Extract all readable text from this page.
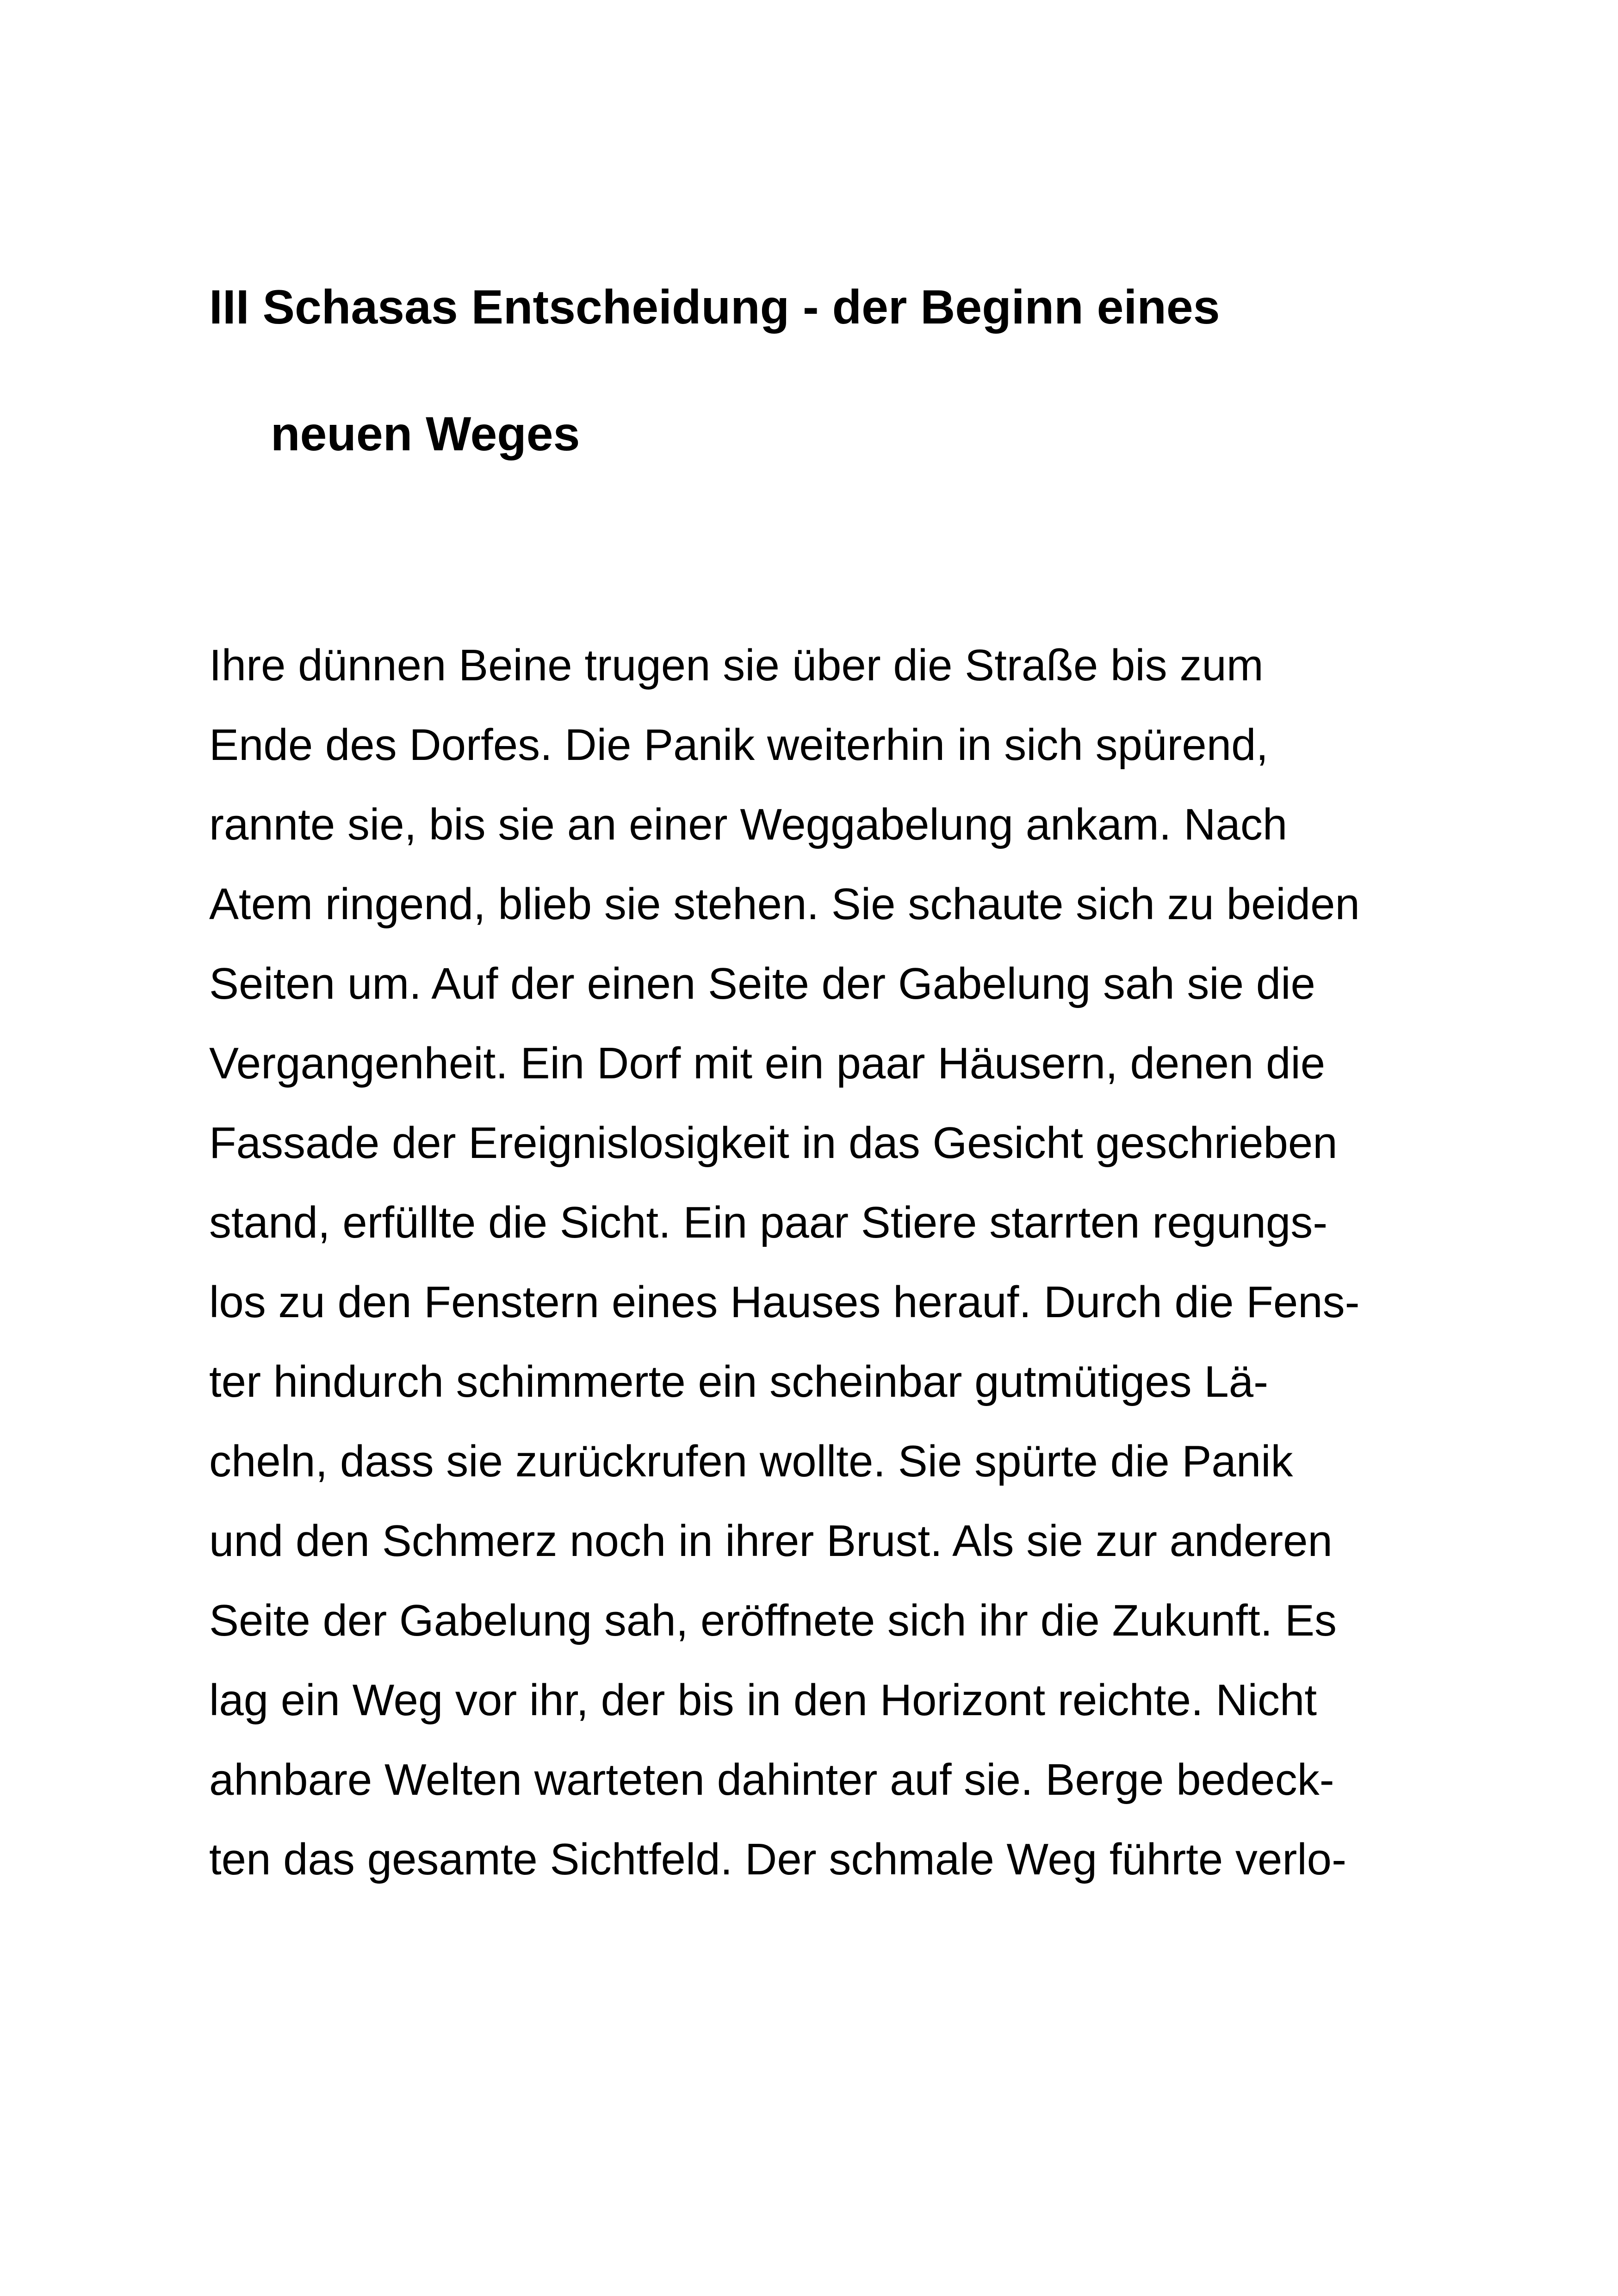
III Schasas Entscheidung - der Beginn eines
neuen Weges

Ihre dünnen Beine trugen sie über die Straße bis zum

Ende des Dorfes. Die Panik weiterhin in sich spürend,

rannte sie, bis sie an einer Weggabelung ankam. Nach

Atem ringend, blieb sie stehen. Sie schaute sich zu beiden

Seiten um. Auf der einen Seite der Gabelung sah sie die

Vergangenheit. Ein Dorf mit ein paar Häusern, denen die

Fassade der Ereignislosigkeit in das Gesicht geschrieben

stand, erfüllte die Sicht. Ein paar Stiere starrten regungs-

los zu den Fenstern eines Hauses herauf. Durch die Fens-

ter hindurch schimmerte ein scheinbar gutmütiges Lä-

cheln, dass sie zurückrufen wollte. Sie spürte die Panik

und den Schmerz noch in ihrer Brust. Als sie zur anderen

Seite der Gabelung sah, eröffnete sich ihr die Zukunft. Es

lag ein Weg vor ihr, der bis in den Horizont reichte. Nicht

ahnbare Welten warteten dahinter auf sie. Berge bedeck-

ten das gesamte Sichtfeld. Der schmale Weg führte verlo-
